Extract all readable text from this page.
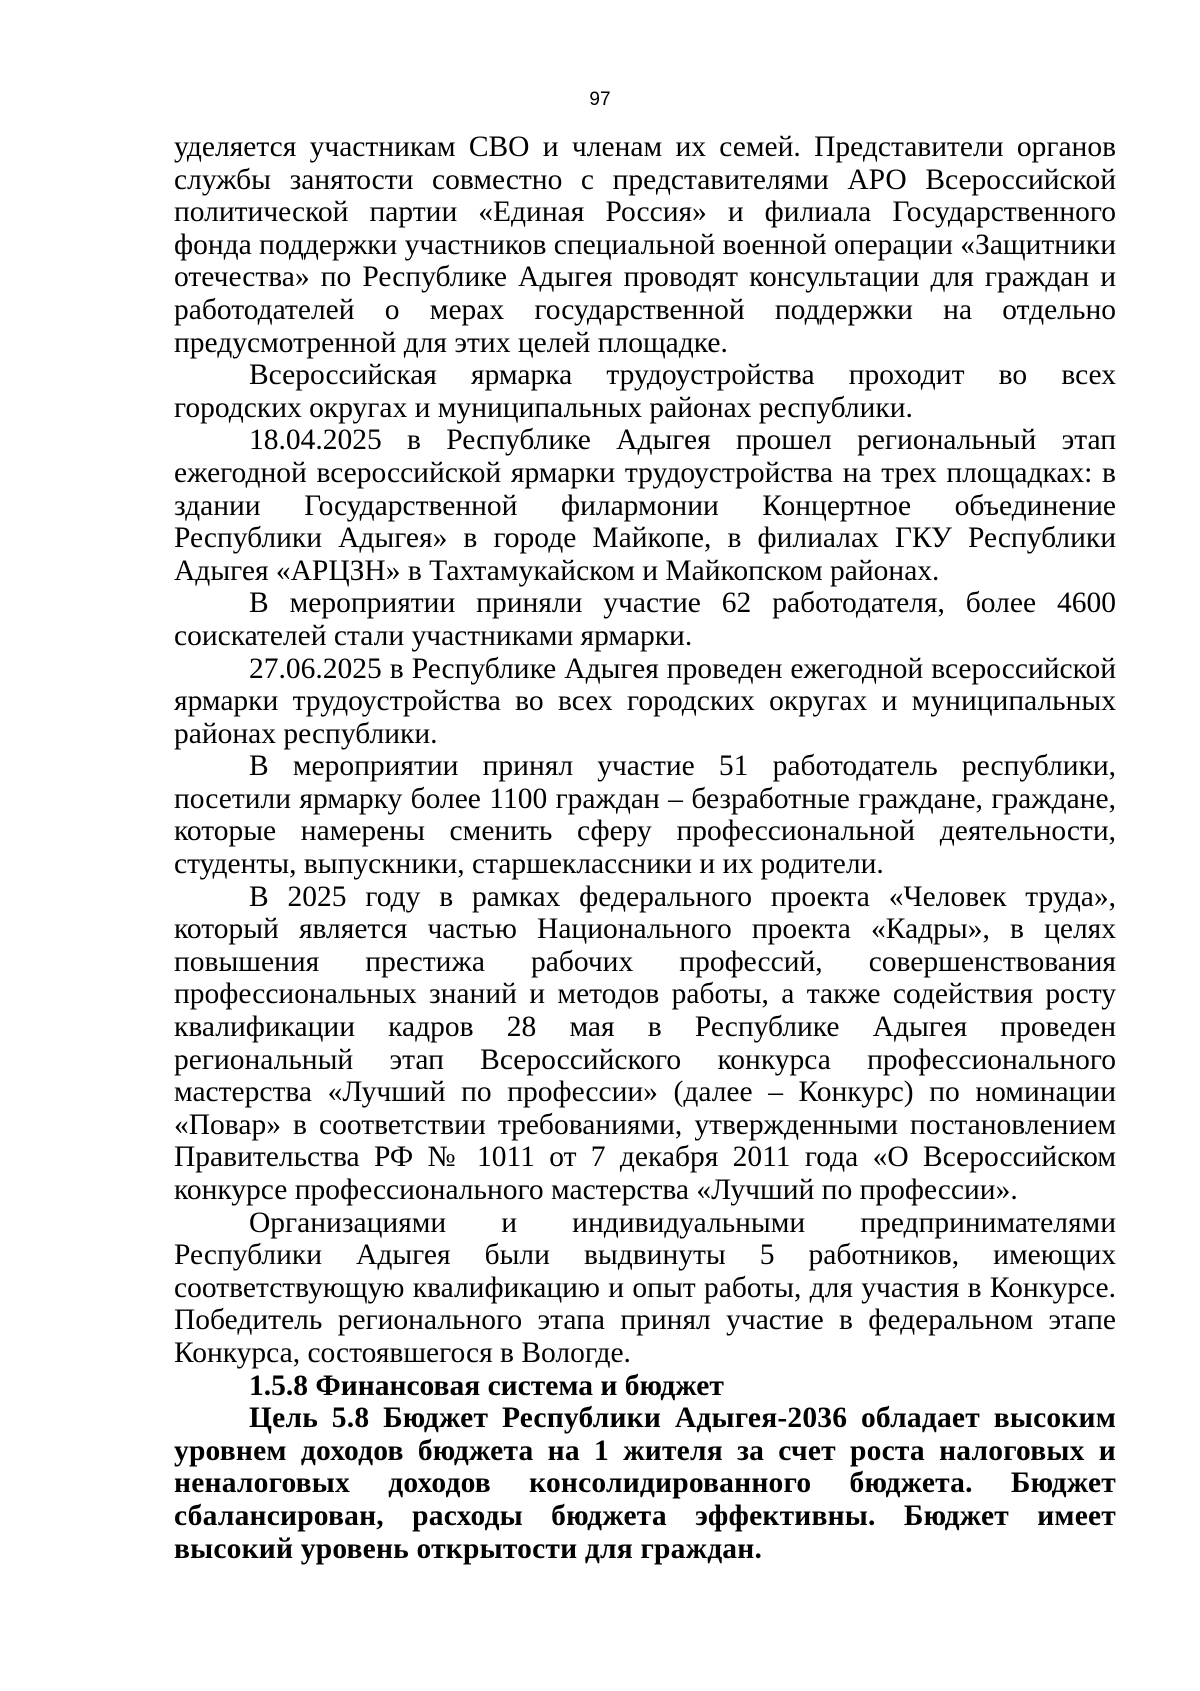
97

уделяется участникам СВО и членам их семей. Представители органов службы занятости совместно с представителями АРО Всероссийской политической партии «Единая Россия» и филиала Государственного фонда поддержки участников специальной военной операции «Защитники отечества» по Республике Адыгея проводят консультации для граждан и работодателей о мерах государственной поддержки на отдельно предусмотренной для этих целей площадке.

Всероссийская ярмарка трудоустройства проходит во всех городских округах и муниципальных районах республики.

18.04.2025 в Республике Адыгея прошел региональный этап ежегодной всероссийской ярмарки трудоустройства на трех площадках: в здании Государственной филармонии Концертное объединение Республики Адыгея» в городе Майкопе, в филиалах ГКУ Республики Адыгея «АРЦЗН» в Тахтамукайском и Майкопском районах.

В мероприятии приняли участие 62 работодателя, более 4600 соискателей стали участниками ярмарки.

27.06.2025 в Республике Адыгея проведен ежегодной всероссийской ярмарки трудоустройства во всех городских округах и муниципальных районах республики.

В мероприятии принял участие 51 работодатель республики, посетили ярмарку более 1100 граждан – безработные граждане, граждане, которые намерены сменить сферу профессиональной деятельности, студенты, выпускники, старшеклассники и их родители.

В 2025 году в рамках федерального проекта «Человек труда», который является частью Национального проекта «Кадры», в целях повышения престижа рабочих профессий, совершенствования профессиональных знаний и методов работы, а также содействия росту квалификации кадров 28 мая в Республике Адыгея проведен региональный этап Всероссийского конкурса профессионального мастерства «Лучший по профессии» (далее – Конкурс) по номинации «Повар» в соответствии требованиями, утвержденными постановлением Правительства РФ № 1011 от 7 декабря 2011 года «О Всероссийском конкурсе профессионального мастерства «Лучший по профессии».

Организациями и индивидуальными предпринимателями Республики Адыгея были выдвинуты 5 работников, имеющих соответствующую квалификацию и опыт работы, для участия в Конкурсе. Победитель регионального этапа принял участие в федеральном этапе Конкурса, состоявшегося в Вологде.

1.5.8 Финансовая система и бюджет

Цель 5.8 Бюджет Республики Адыгея-2036 обладает высоким уровнем доходов бюджета на 1 жителя за счет роста налоговых и неналоговых доходов консолидированного бюджета. Бюджет сбалансирован, расходы бюджета эффективны. Бюджет имеет высокий уровень открытости для граждан.
